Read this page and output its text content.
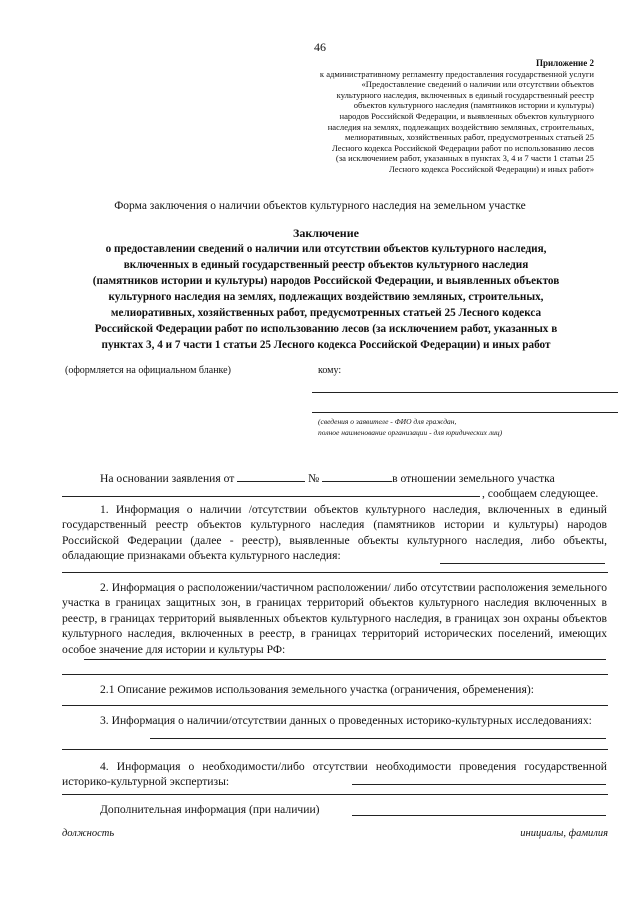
46
Приложение 2
к административному регламенту предоставления государственной услуги
«Предоставление сведений о наличии или отсутствии объектов
культурного наследия, включенных в единый государственный реестр
объектов культурного наследия (памятников истории и культуры)
народов Российской Федерации, и выявленных объектов культурного
наследия на землях, подлежащих воздействию земляных, строительных,
мелиоративных, хозяйственных работ, предусмотренных статьей 25
Лесного кодекса Российской Федерации работ по использованию лесов
(за исключением работ, указанных в пунктах 3, 4 и 7 части 1 статьи 25
Лесного кодекса Российской Федерации) и иных работ»
Форма заключения о наличии объектов культурного наследия на земельном участке
Заключение
о предоставлении сведений о наличии или отсутствии объектов культурного наследия,
включенных в единый государственный реестр объектов культурного наследия
(памятников истории и культуры) народов Российской Федерации, и выявленных объектов
культурного наследия на землях, подлежащих воздействию земляных, строительных,
мелиоративных, хозяйственных работ, предусмотренных статьей 25 Лесного кодекса
Российской Федерации работ по использованию лесов (за исключением работ, указанных в
пунктах 3, 4 и 7 части 1 статьи 25 Лесного кодекса Российской Федерации) и иных работ
(оформляется на официальном бланке)	кому:
(сведения о заявителе - ФИО для граждан,
полное наименование организации - для юридических лиц)
На основании заявления от	№	в отношении земельного участка
, сообщаем следующее.
1. Информация о наличии /отсутствии объектов культурного наследия, включенных в единый государственный реестр объектов культурного наследия (памятников истории и культуры) народов Российской Федерации (далее - реестр), выявленные объекты культурного наследия, либо объекты, обладающие признаками объекта культурного наследия:
2. Информация о расположении/частичном расположении/ либо отсутствии расположения земельного участка в границах защитных зон, в границах территорий объектов культурного наследия включенных в реестр, в границах территорий выявленных объектов культурного наследия, в границах зон охраны объектов культурного наследия, включенных в реестр, в границах территорий исторических поселений, имеющих особое значение для истории и культуры РФ:
2.1 Описание режимов использования земельного участка (ограничения, обременения):
3. Информация о наличии/отсутствии данных о проведенных историко-культурных исследованиях:
4. Информация о необходимости/либо отсутствии необходимости проведения государственной историко-культурной экспертизы:
Дополнительная информация (при наличии)
должность	инициалы, фамилия
